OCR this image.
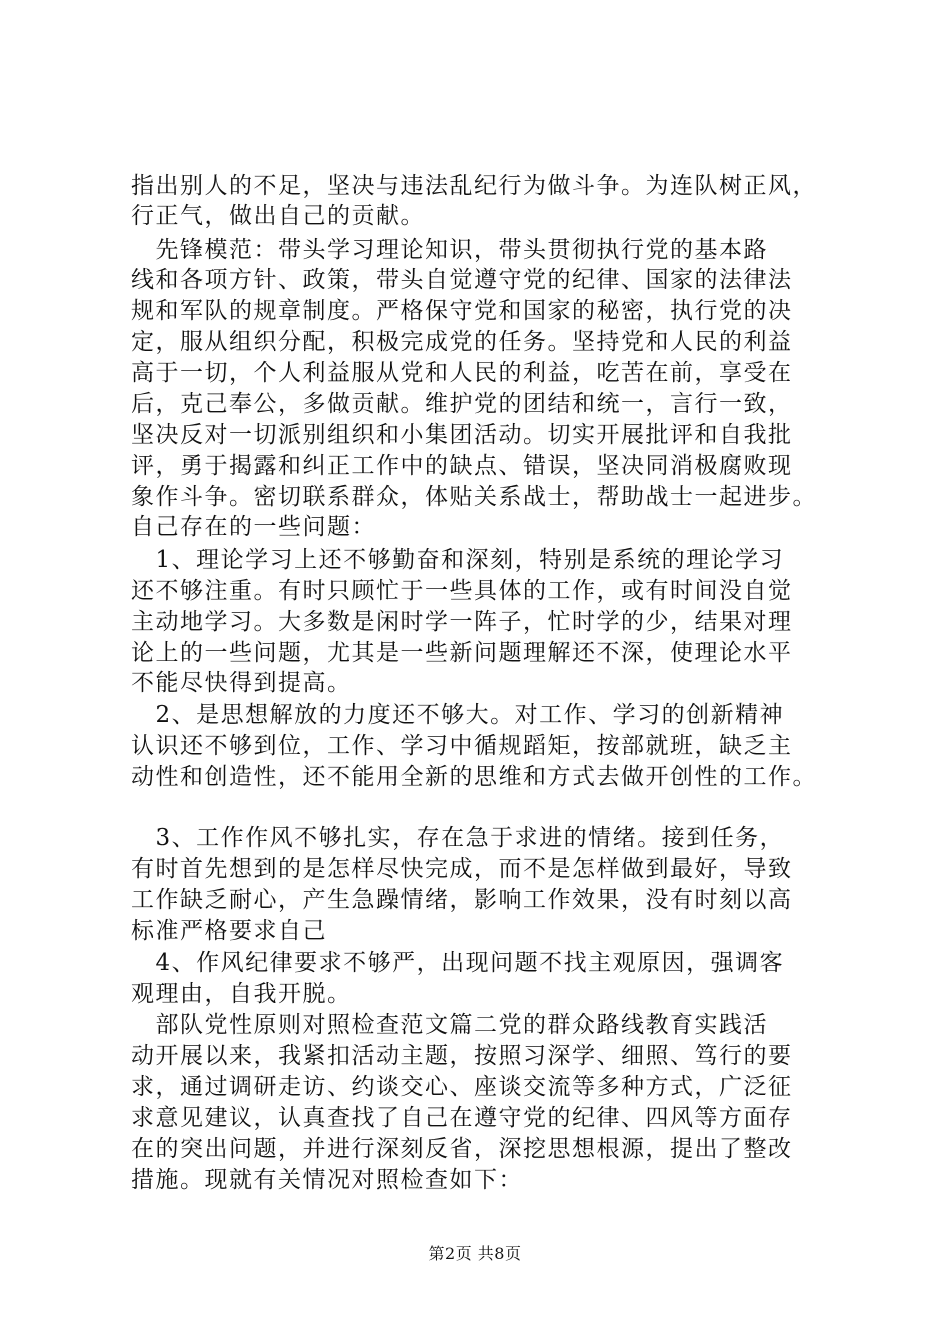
指出别人的不足，坚决与违法乱纪行为做斗争。为连队树正风，
行正气，做出自己的贡献。
　先锋模范：带头学习理论知识，带头贯彻执行党的基本路
线和各项方针、政策，带头自觉遵守党的纪律、国家的法律法
规和军队的规章制度。严格保守党和国家的秘密，执行党的决
定，服从组织分配，积极完成党的任务。坚持党和人民的利益
高于一切，个人利益服从党和人民的利益，吃苦在前，享受在
后，克己奉公，多做贡献。维护党的团结和统一，言行一致，
坚决反对一切派别组织和小集团活动。切实开展批评和自我批
评，勇于揭露和纠正工作中的缺点、错误，坚决同消极腐败现
象作斗争。密切联系群众，体贴关系战士，帮助战士一起进步。
自己存在的一些问题：
　1、理论学习上还不够勤奋和深刻，特别是系统的理论学习
还不够注重。有时只顾忙于一些具体的工作，或有时间没自觉
主动地学习。大多数是闲时学一阵子，忙时学的少，结果对理
论上的一些问题，尤其是一些新问题理解还不深，使理论水平
不能尽快得到提高。
　2、是思想解放的力度还不够大。对工作、学习的创新精神
认识还不够到位，工作、学习中循规蹈矩，按部就班，缺乏主
动性和创造性，还不能用全新的思维和方式去做开创性的工作。
　3、工作作风不够扎实，存在急于求进的情绪。接到任务，
有时首先想到的是怎样尽快完成，而不是怎样做到最好，导致
工作缺乏耐心，产生急躁情绪，影响工作效果，没有时刻以高
标准严格要求自己
　4、作风纪律要求不够严，出现问题不找主观原因，强调客
观理由，自我开脱。
　部队党性原则对照检查范文篇二党的群众路线教育实践活
动开展以来，我紧扣活动主题，按照习深学、细照、笃行的要
求，通过调研走访、约谈交心、座谈交流等多种方式，广泛征
求意见建议，认真查找了自己在遵守党的纪律、四风等方面存
在的突出问题，并进行深刻反省，深挖思想根源，提出了整改
措施。现就有关情况对照检查如下：
第2页 共8页
